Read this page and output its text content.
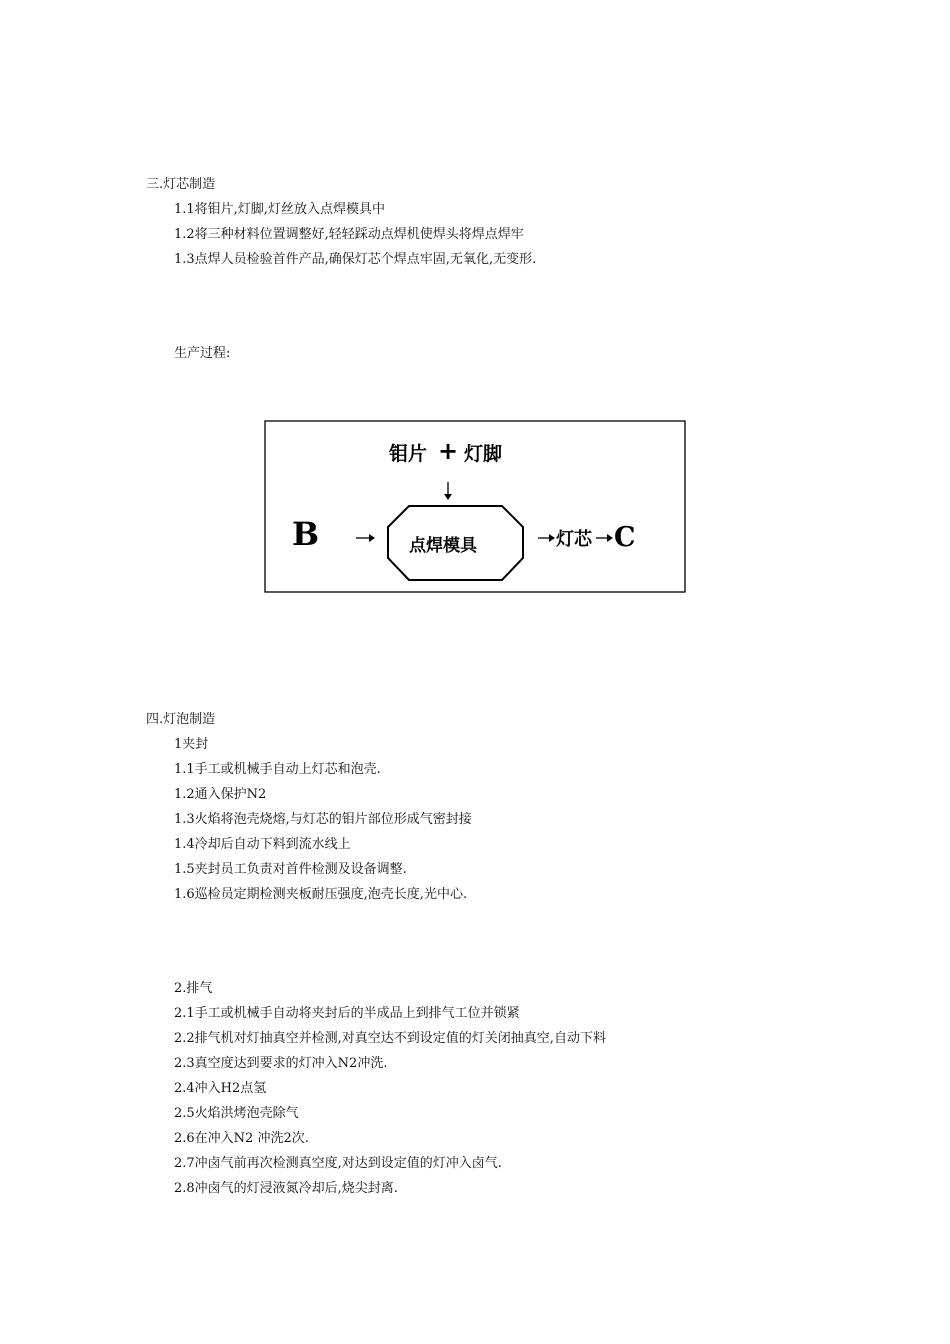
三.灯芯制造
1.1将钼片,灯脚,灯丝放入点焊模具中
1.2将三种材料位置调整好,轻轻踩动点焊机使焊头将焊点焊牢
1.3点焊人员检验首件产品,确保灯芯个焊点牢固,无氧化,无变形.
生产过程:
钼片 + 灯脚
B	点焊模具	灯芯 C
四.灯泡制造
1夹封
1.1手工或机械手自动上灯芯和泡壳.
1.2通入保护N2
1.3火焰将泡壳烧熔,与灯芯的钼片部位形成气密封接
1.4冷却后自动下料到流水线上
1.5夹封员工负责对首件检测及设备调整.
1.6巡检员定期检测夹板耐压强度,泡壳长度,光中心.
2.排气
2.1手工或机械手自动将夹封后的半成品上到排气工位并锁紧
2.2排气机对灯抽真空并检测,对真空达不到设定值的灯关闭抽真空,自动下料
2.3真空度达到要求的灯冲入N2冲洗.
2.4冲入H2点氢
2.5火焰洪烤泡壳除气
2.6在冲入N2 冲洗2次.
2.7冲卤气前再次检测真空度,对达到设定值的灯冲入卤气.
2.8冲卤气的灯浸液氮冷却后,烧尖封离.
